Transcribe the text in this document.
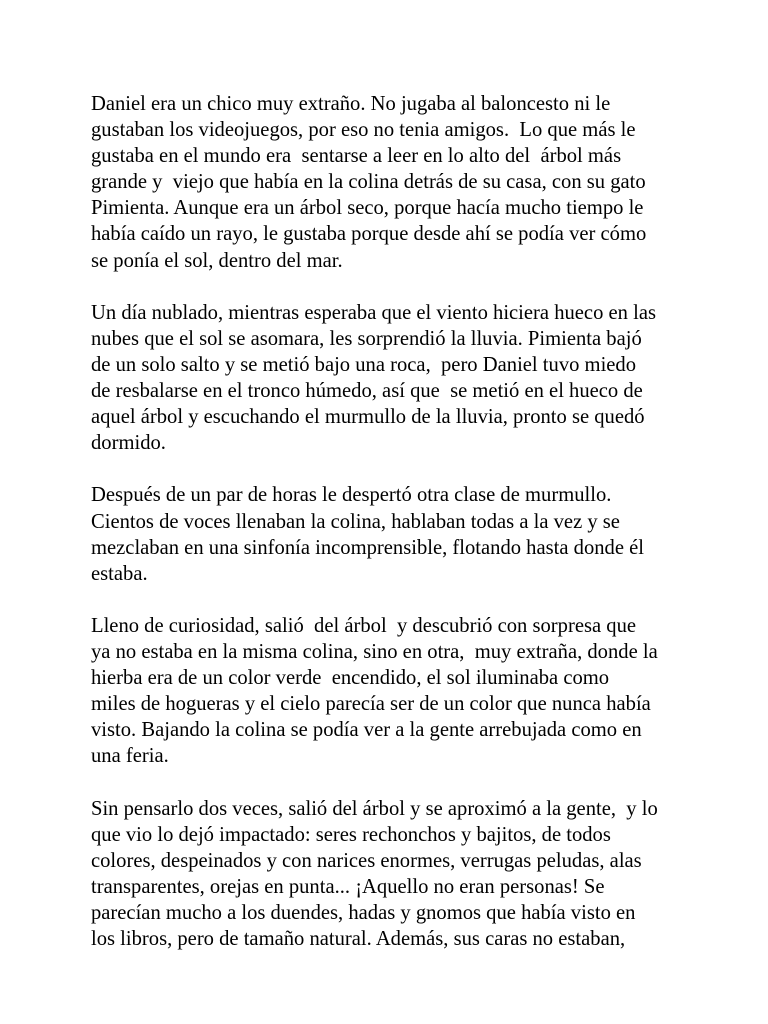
Daniel era un chico muy extraño. No jugaba al baloncesto ni le
gustaban los videojuegos, por eso no tenia amigos.  Lo que más le
gustaba en el mundo era  sentarse a leer en lo alto del  árbol más
grande y  viejo que había en la colina detrás de su casa, con su gato
Pimienta. Aunque era un árbol seco, porque hacía mucho tiempo le
había caído un rayo, le gustaba porque desde ahí se podía ver cómo
se ponía el sol, dentro del mar.

Un día nublado, mientras esperaba que el viento hiciera hueco en las
nubes que el sol se asomara, les sorprendió la lluvia. Pimienta bajó
de un solo salto y se metió bajo una roca,  pero Daniel tuvo miedo
de resbalarse en el tronco húmedo, así que  se metió en el hueco de
aquel árbol y escuchando el murmullo de la lluvia, pronto se quedó
dormido.

Después de un par de horas le despertó otra clase de murmullo.
Cientos de voces llenaban la colina, hablaban todas a la vez y se
mezclaban en una sinfonía incomprensible, flotando hasta donde él
estaba.

Lleno de curiosidad, salió  del árbol  y descubrió con sorpresa que
ya no estaba en la misma colina, sino en otra,  muy extraña, donde la
hierba era de un color verde  encendido, el sol iluminaba como
miles de hogueras y el cielo parecía ser de un color que nunca había
visto. Bajando la colina se podía ver a la gente arrebujada como en
una feria.

Sin pensarlo dos veces, salió del árbol y se aproximó a la gente,  y lo
que vio lo dejó impactado: seres rechonchos y bajitos, de todos
colores, despeinados y con narices enormes, verrugas peludas, alas
transparentes, orejas en punta... ¡Aquello no eran personas! Se
parecían mucho a los duendes, hadas y gnomos que había visto en
los libros, pero de tamaño natural. Además, sus caras no estaban,
